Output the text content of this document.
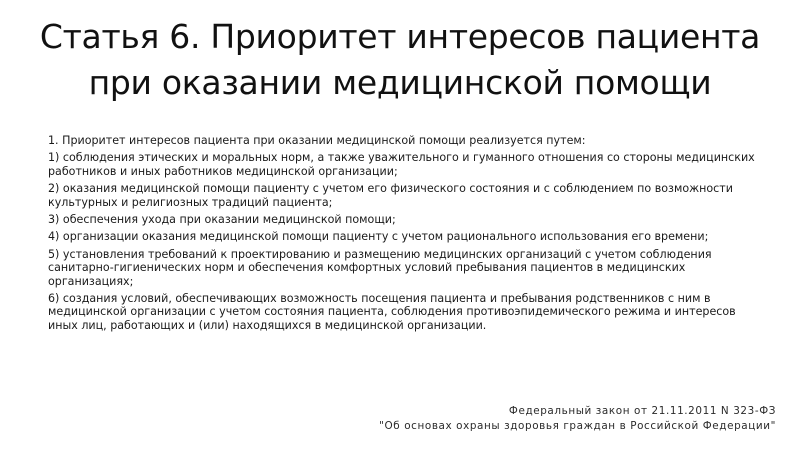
Статья 6. Приоритет интересов пациента
при оказании медицинской помощи

1. Приоритет интересов пациента при оказании медицинской помощи реализуется путем:

1) соблюдения этических и моральных норм, а также уважительного и гуманного отношения со стороны медицинских работников и иных работников медицинской организации;

2) оказания медицинской помощи пациенту с учетом его физического состояния и с соблюдением по возможности культурных и религиозных традиций пациента;

3) обеспечения ухода при оказании медицинской помощи;

4) организации оказания медицинской помощи пациенту с учетом рационального использования его времени;

5) установления требований к проектированию и размещению медицинских организаций с учетом соблюдения санитарно-гигиенических норм и обеспечения комфортных условий пребывания пациентов в медицинских организациях;

6) создания условий, обеспечивающих возможность посещения пациента и пребывания родственников с ним в медицинской организации с учетом состояния пациента, соблюдения противоэпидемического режима и интересов иных лиц, работающих и (или) находящихся в медицинской организации.

Федеральный закон от 21.11.2011 N 323-ФЗ
"Об основах охраны здоровья граждан в Российской Федерации"
